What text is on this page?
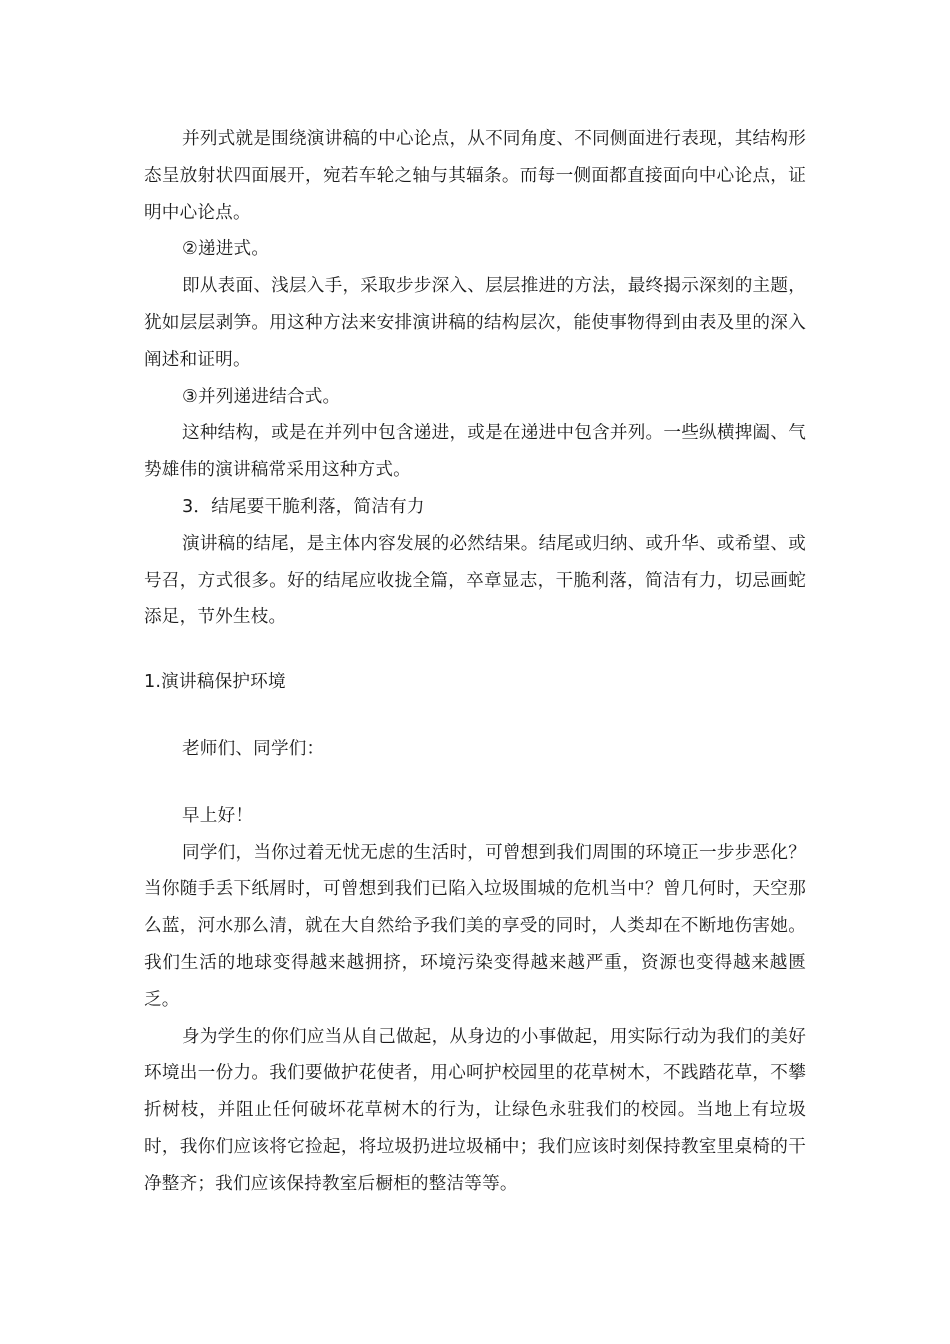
并列式就是围绕演讲稿的中心论点，从不同角度、不同侧面进行表现，其结构形态呈放射状四面展开，宛若车轮之轴与其辐条。而每一侧面都直接面向中心论点，证明中心论点。

②递进式。

即从表面、浅层入手，采取步步深入、层层推进的方法，最终揭示深刻的主题，犹如层层剥笋。用这种方法来安排演讲稿的结构层次，能使事物得到由表及里的深入阐述和证明。

③并列递进结合式。

这种结构，或是在并列中包含递进，或是在递进中包含并列。一些纵横捭阖、气势雄伟的演讲稿常采用这种方式。

3．结尾要干脆利落，简洁有力

演讲稿的结尾，是主体内容发展的必然结果。结尾或归纳、或升华、或希望、或号召，方式很多。好的结尾应收拢全篇，卒章显志，干脆利落，简洁有力，切忌画蛇添足，节外生枝。

1.演讲稿保护环境

老师们、同学们：

早上好！

同学们，当你过着无忧无虑的生活时，可曾想到我们周围的环境正一步步恶化？当你随手丢下纸屑时，可曾想到我们已陷入垃圾围城的危机当中？曾几何时，天空那么蓝，河水那么清，就在大自然给予我们美的享受的同时，人类却在不断地伤害她。我们生活的地球变得越来越拥挤，环境污染变得越来越严重，资源也变得越来越匮乏。

身为学生的你们应当从自己做起，从身边的小事做起，用实际行动为我们的美好环境出一份力。我们要做护花使者，用心呵护校园里的花草树木，不践踏花草，不攀折树枝，并阻止任何破坏花草树木的行为，让绿色永驻我们的校园。当地上有垃圾时，我你们应该将它捡起，将垃圾扔进垃圾桶中；我们应该时刻保持教室里桌椅的干净整齐；我们应该保持教室后橱柜的整洁等等。
